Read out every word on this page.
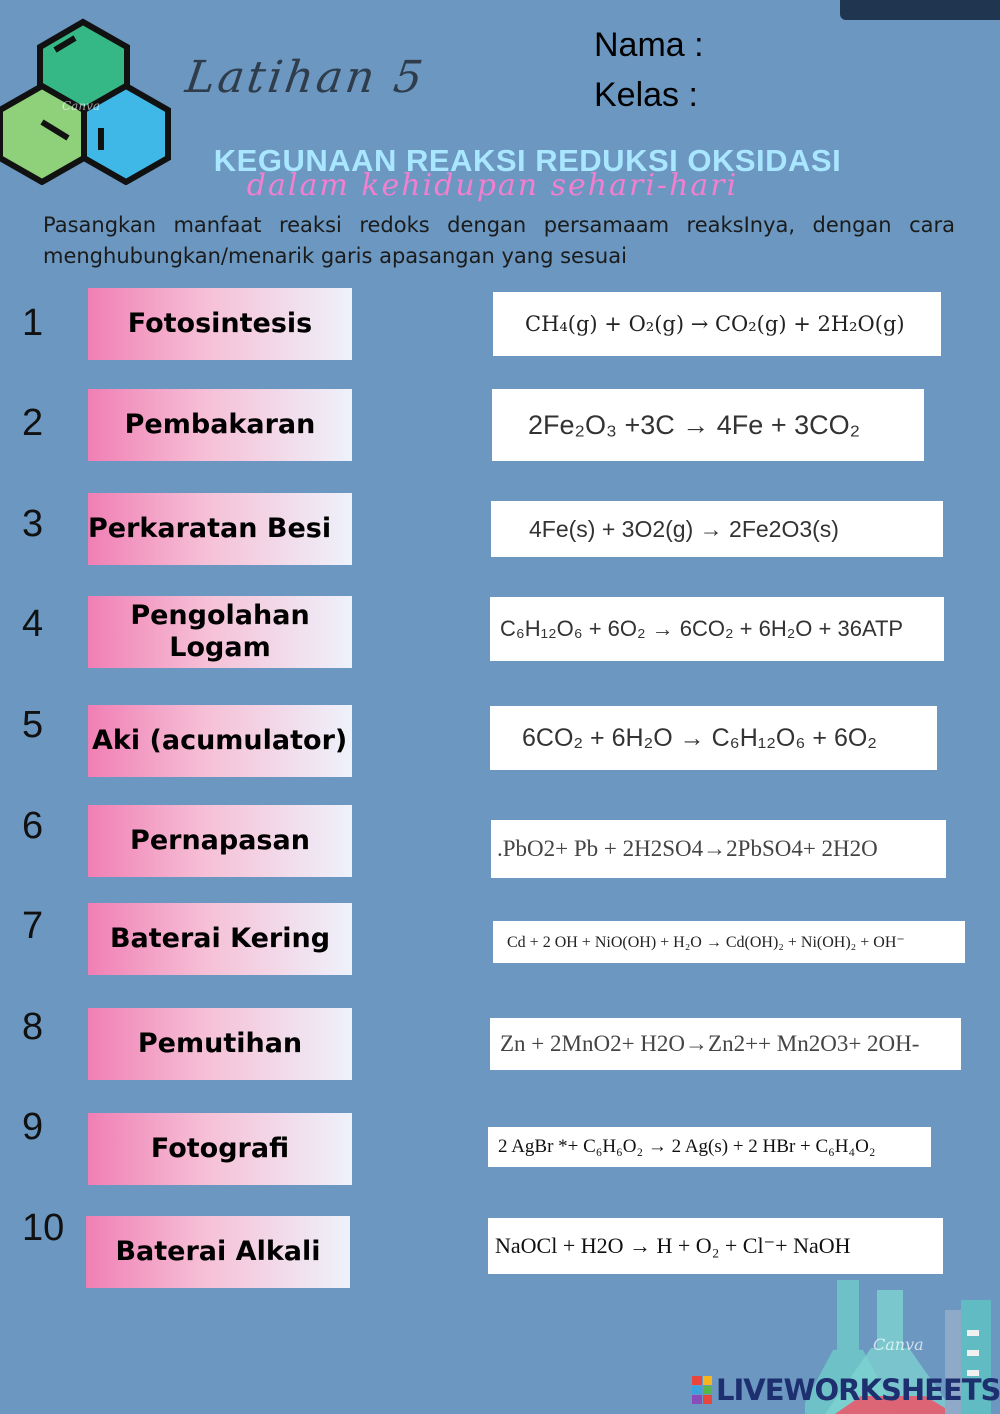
Canva
Latihan 5
Nama :
Kelas :
KEGUNAAN REAKSI REDUKSI OKSIDASI
dalam kehidupan sehari-hari
Pasangkan manfaat reaksi redoks dengan persamaam reaksInya, dengan cara menghubungkan/menarik garis apasangan yang sesuai
1
2
3
4
5
6
7
8
9
10
Fotosintesis
Pembakaran
Perkaratan Besi
Pengolahan Logam
Aki (acumulator)
Pernapasan
Baterai Kering
Pemutihan
Fotografi
Baterai Alkali
CH₄(g) + O₂(g) → CO₂(g) + 2H₂O(g)
2Fe₂O₃ +3C → 4Fe + 3CO₂
4Fe(s) + 3O2(g) → 2Fe2O3(s)
C₆H₁₂O₆ + 6O₂ → 6CO₂ + 6H₂O + 36ATP
6CO₂ + 6H₂O → C₆H₁₂O₆ + 6O₂
.PbO2+ Pb + 2H2SO4→2PbSO4+ 2H2O
Cd + 2 OH + NiO(OH) + H₂O → Cd(OH)₂ + Ni(OH)₂ + OH⁻
Zn + 2MnO2+ H2O→Zn2++ Mn2O3+ 2OH-
2 AgBr *+ C₆H₆O₂ → 2 Ag(s) + 2 HBr + C₆H₄O₂
NaOCl + H2O → H + O₂ + Cl⁻+ NaOH
Canva
LIVEWORKSHEETS
